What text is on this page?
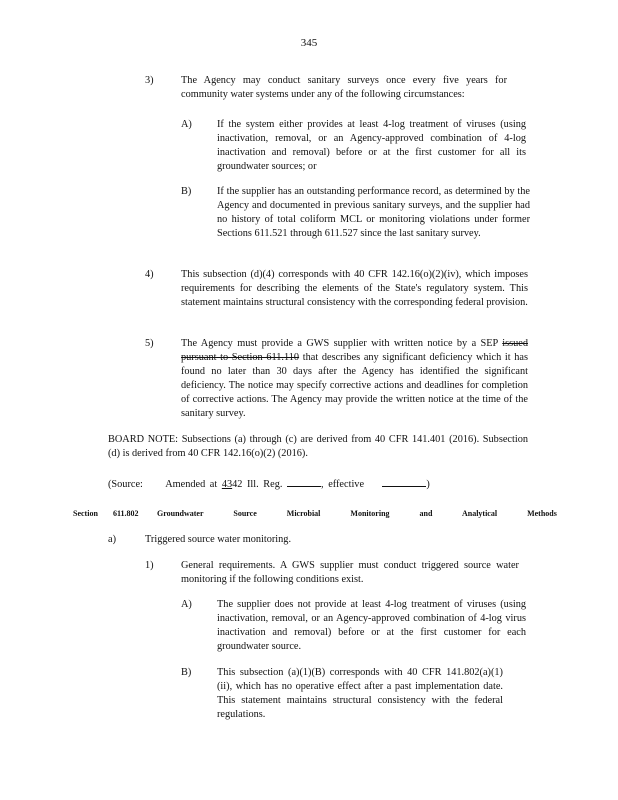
345
3)	The Agency may conduct sanitary surveys once every five years for community water systems under any of the following circumstances:
A) If the system either provides at least 4-log treatment of viruses (using inactivation, removal, or an Agency-approved combination of 4-log inactivation and removal) before or at the first customer for all its groundwater sources; or
B) If the supplier has an outstanding performance record, as determined by the Agency and documented in previous sanitary surveys, and the supplier had no history of total coliform MCL or monitoring violations under former Sections 611.521 through 611.527 since the last sanitary survey.
4)	This subsection (d)(4) corresponds with 40 CFR 142.16(o)(2)(iv), which imposes requirements for describing the elements of the State's regulatory system. This statement maintains structural consistency with the corresponding federal provision.
5)	The Agency must provide a GWS supplier with written notice by a SEP issued pursuant to Section 611.110 that describes any significant deficiency which it has found no later than 30 days after the Agency has identified the significant deficiency. The notice may specify corrective actions and deadlines for completion of corrective actions. The Agency may provide the written notice at the time of the sanitary survey.
BOARD NOTE: Subsections (a) through (c) are derived from 40 CFR 141.401 (2016). Subsection (d) is derived from 40 CFR 142.16(o)(2) (2016).
(Source: Amended at 4342 Ill. Reg.	, effective	)
Section 611.802 Groundwater Source Microbial Monitoring and Analytical Methods
a)	Triggered source water monitoring.
1)	General requirements. A GWS supplier must conduct triggered source water monitoring if the following conditions exist.
A) The supplier does not provide at least 4-log treatment of viruses (using inactivation, removal, or an Agency-approved combination of 4-log virus inactivation and removal) before or at the first customer for each groundwater source.
B) This subsection (a)(1)(B) corresponds with 40 CFR 141.802(a)(1)(ii), which has no operative effect after a past implementation date. This statement maintains structural consistency with the federal regulations.
